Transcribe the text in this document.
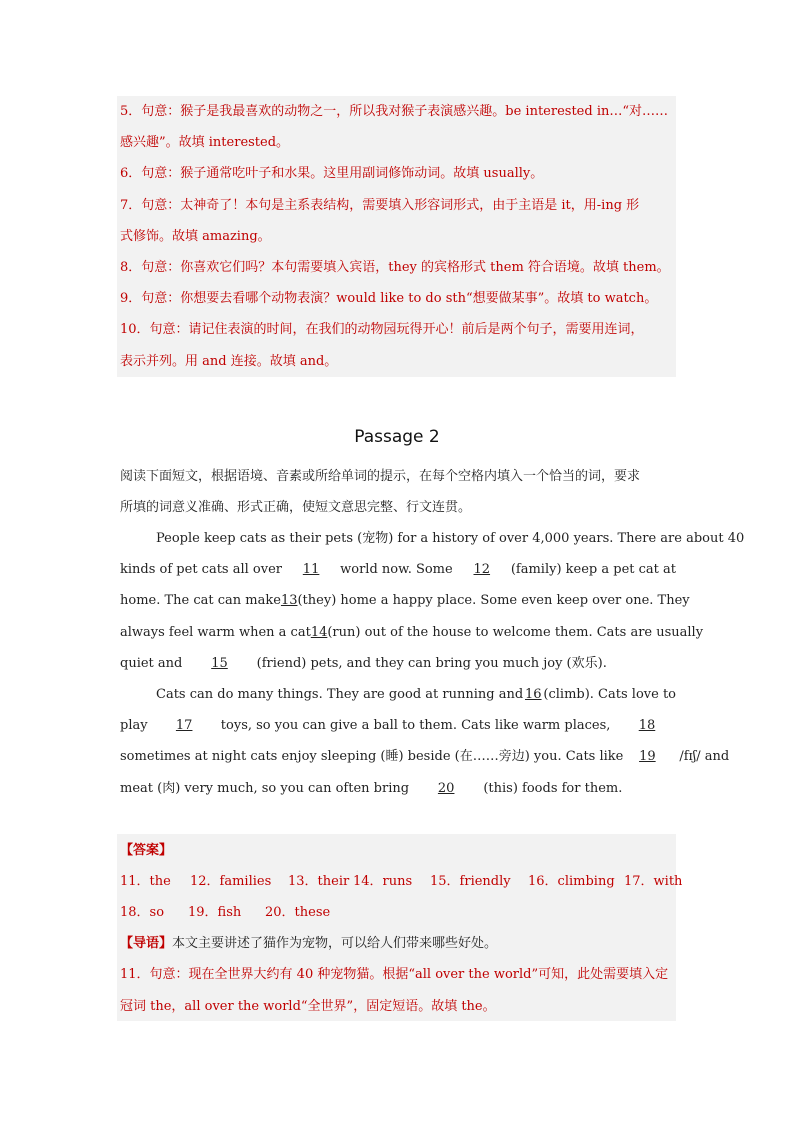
5．句意：猴子是我最喜欢的动物之一，所以我对猴子表演感兴趣。be interested in…“对……
感兴趣”。故填 interested。
6．句意：猴子通常吃叶子和水果。这里用副词修饰动词。故填 usually。
7．句意：太神奇了！本句是主系表结构，需要填入形容词形式，由于主语是 it，用-ing 形
式修饰。故填 amazing。
8．句意：你喜欢它们吗？本句需要填入宾语，they 的宾格形式 them 符合语境。故填 them。
9．句意：你想要去看哪个动物表演？would like to do sth“想要做某事”。故填 to watch。
10．句意：请记住表演的时间，在我们的动物园玩得开心！前后是两个句子，需要用连词，
表示并列。用 and 连接。故填 and。
Passage 2
阅读下面短文，根据语境、音素或所给单词的提示，在每个空格内填入一个恰当的词，要求
所填的词意义准确、形式正确，使短文意思完整、行文连贯。
People keep cats as their pets (宠物) for a history of over 4,000 years. There are about 40
kinds of pet cats all over	11	world now. Some	12	(family) keep a pet cat at
home. The cat can make 13 (they) home a happy place. Some even keep over one. They
always feel warm when a cat 14 (run) out of the house to welcome them. Cats are usually
quiet and 15 (friend) pets, and they can bring you much joy (欢乐).
Cats can do many things. They are good at running and 16 (climb). Cats love to
play	17	toys, so you can give a ball to them. Cats like warm places,	18
sometimes at night cats enjoy sleeping (睡) beside (在……旁边) you. Cats like 19 /fɪʃ/ and
meat (肉) very much, so you can often bring 20 (this) foods for them.
【答案】
11．the 12．families 13．their 14．runs 15．friendly 16．climbing 17．with
18．so 19．fish 20．these
【导语】本文主要讲述了猫作为宠物，可以给人们带来哪些好处。
11．句意：现在全世界大约有 40 种宠物猫。根据“all over the world”可知，此处需要填入定
冠词 the，all over the world“全世界”，固定短语。故填 the。
